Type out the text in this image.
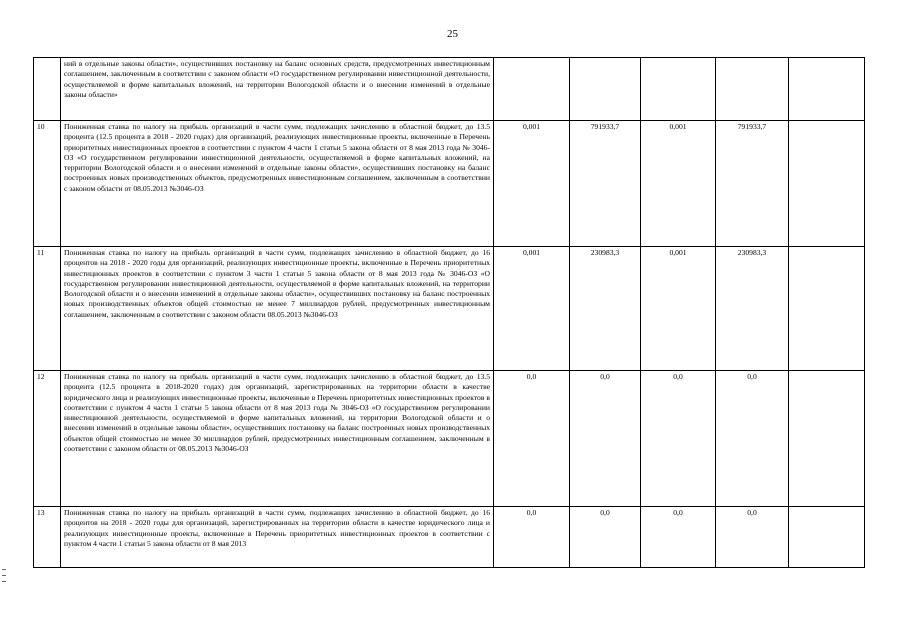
25
	ний в отдельные законы области», осуществивших постановку на баланс основных средств, предусмотренных инвестиционным соглашением, заключенным в соответствии с законом области «О государственном регулировании инвестиционной деятельности, осуществляемой в форме капитальных вложений, на территории Вологодской области и о внесении изменений в отдельные законы области»					
10	Пониженная ставка по налогу на прибыль организаций в части сумм, подлежащих зачислению в областной бюджет, до 13.5 процента (12.5 процента в 2018 - 2020 годах) для организаций, реализующих инвестиционные проекты, включенные в Перечень приоритетных инвестиционных проектов в соответствии с пунктом 4 части 1 статьи 5 закона области от 8 мая 2013 года № 3046-ОЗ «О государственном регулировании инвестиционной деятельности, осуществляемой в форме капитальных вложений, на территории Вологодской области и о внесении изменений в отдельные законы области», осуществивших постановку на баланс построенных новых производственных объектов, предусмотренных инвестиционным соглашением, заключенным в соответствии с законом области от 08.05.2013 №3046-ОЗ	0,001	791933,7	0,001	791933,7	
11	Пониженная ставка по налогу на прибыль организаций в части сумм, подлежащих зачислению в областной бюджет, до 16 процентов на 2018 - 2020 годы для организаций, реализующих инвестиционные проекты, включенные в Перечень приоритетных инвестиционных проектов в соответствии с пунктом 3 части 1 статьи 5 закона области от 8 мая 2013 года № 3046-ОЗ «О государственном регулировании инвестиционной деятельности, осуществляемой в форме капитальных вложений, на территории Вологодской области и о внесении изменений в отдельные законы области», осуществивших постановку на баланс построенных новых производственных объектов общей стоимостью не менее 7 миллиардов рублей, предусмотренных инвестиционным соглашением, заключенным в соответствии с законом области 08.05.2013 №3046-ОЗ	0,001	230983,3	0,001	230983,3	
12	Пониженная ставка по налогу на прибыль организаций в части сумм, подлежащих зачислению в областной бюджет, до 13.5 процента (12.5 процента в 2018-2020 годах) для организаций, зарегистрированных на территории области в качестве юридического лица и реализующих инвестиционные проекты, включенные в Перечень приоритетных инвестиционных проектов в соответствии с пунктом 4 части 1 статьи 5 закона области от 8 мая 2013 года № 3046-ОЗ «О государственном регулировании инвестиционной деятельности, осуществляемой в форме капитальных вложений, на территории Вологодской области и о внесении изменений в отдельные законы области», осуществивших постановку на баланс построенных новых производственных объектов общей стоимостью не менее 30 миллиардов рублей, предусмотренных инвестиционным соглашением, заключенным в соответствии с законом области от 08.05.2013 №3046-ОЗ	0,0	0,0	0,0	0,0	
13	Пониженная ставка по налогу на прибыль организаций в части сумм, подлежащих зачислению в областной бюджет, до 16 процентов на 2018 - 2020 годы для организаций, зарегистрированных на территории области в качестве юридического лица и реализующих инвестиционные проекты, включенные в Перечень приоритетных инвестиционных проектов в соответствии с пунктом 4 части 1 статьи 5 закона области от 8 мая 2013	0,0	0,0	0,0	0,0	
